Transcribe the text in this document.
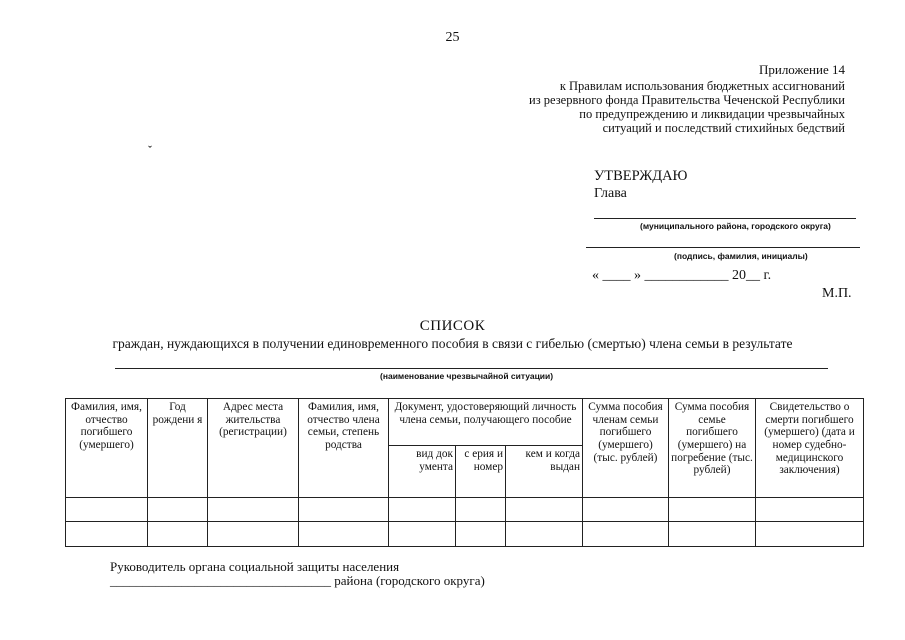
25
Приложение 14
к Правилам использования бюджетных ассигнований
из резервного фонда Правительства Чеченской Республики
по предупреждению и ликвидации чрезвычайных
ситуаций и последствий стихийных бедствий
ˇ
УТВЕРЖДАЮ
Глава
(муниципального района, городского округа)
(подпись, фамилия, инициалы)
« ____ » ____________ 20__ г.
М.П.
СПИСОК
граждан, нуждающихся в получении единовременного пособия в связи с гибелью (смертью) члена семьи в результате
(наименование чрезвычайной ситуации)
Фамилия, имя, отчество погибшего (умершего)	Год рождени я	Адрес места жительства (регистрации)	Фамилия, имя, отчество члена семьи, степень родства	Документ, удостоверяющий личность члена семьи, получающего пособие			Сумма пособия членам семьи погибшего (умершего) (тыс. рублей)	Сумма пособия семье погибшего (умершего) на погребение (тыс. рублей)	Свидетельство о смерти погибшего (умершего) (дата и номер судебно-медицинского заключения)
				вид док умента	с ерия и номер	кем и когда выдан			

Руководитель органа социальной защиты населения
__________________________________ района (городского округа)
